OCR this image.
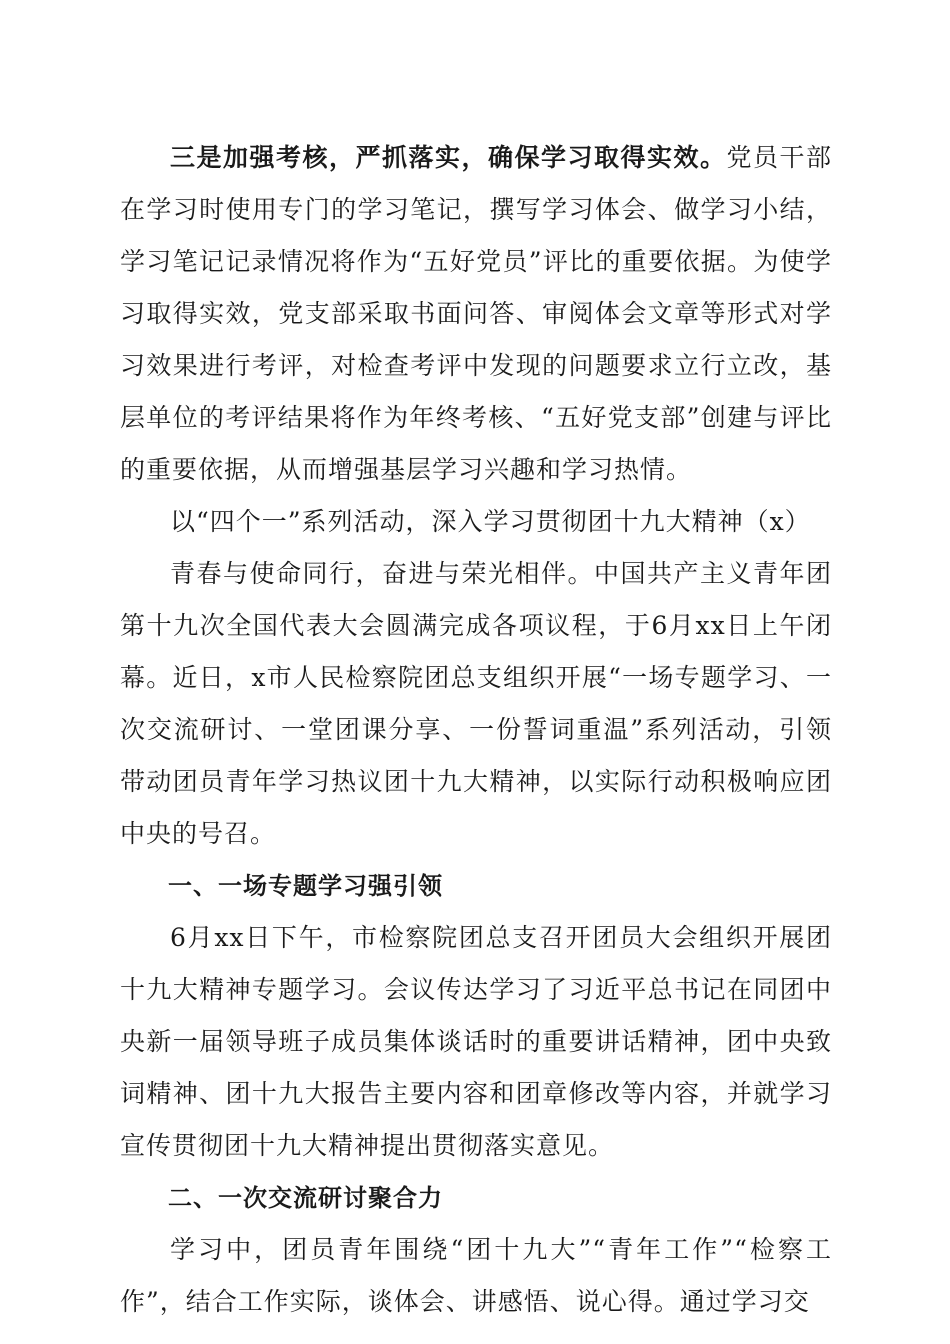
三是加强考核，严抓落实，确保学习取得实效。党员干部在学习时使用专门的学习笔记，撰写学习体会、做学习小结，学习笔记记录情况将作为“五好党员”评比的重要依据。为使学习取得实效，党支部采取书面问答、审阅体会文章等形式对学习效果进行考评，对检查考评中发现的问题要求立行立改，基层单位的考评结果将作为年终考核、“五好党支部”创建与评比的重要依据，从而增强基层学习兴趣和学习热情。

以“四个一”系列活动，深入学习贯彻团十九大精神（x）

青春与使命同行，奋进与荣光相伴。中国共产主义青年团第十九次全国代表大会圆满完成各项议程，于6月xx日上午闭幕。近日，x市人民检察院团总支组织开展“一场专题学习、一次交流研讨、一堂团课分享、一份誓词重温”系列活动，引领带动团员青年学习热议团十九大精神，以实际行动积极响应团中央的号召。

一、一场专题学习强引领

6月xx日下午，市检察院团总支召开团员大会组织开展团十九大精神专题学习。会议传达学习了习近平总书记在同团中央新一届领导班子成员集体谈话时的重要讲话精神，团中央致词精神、团十九大报告主要内容和团章修改等内容，并就学习宣传贯彻团十九大精神提出贯彻落实意见。

二、一次交流研讨聚合力

学习中，团员青年围绕“团十九大”“青年工作”“检察工作”，结合工作实际，谈体会、讲感悟、说心得。通过学习交
